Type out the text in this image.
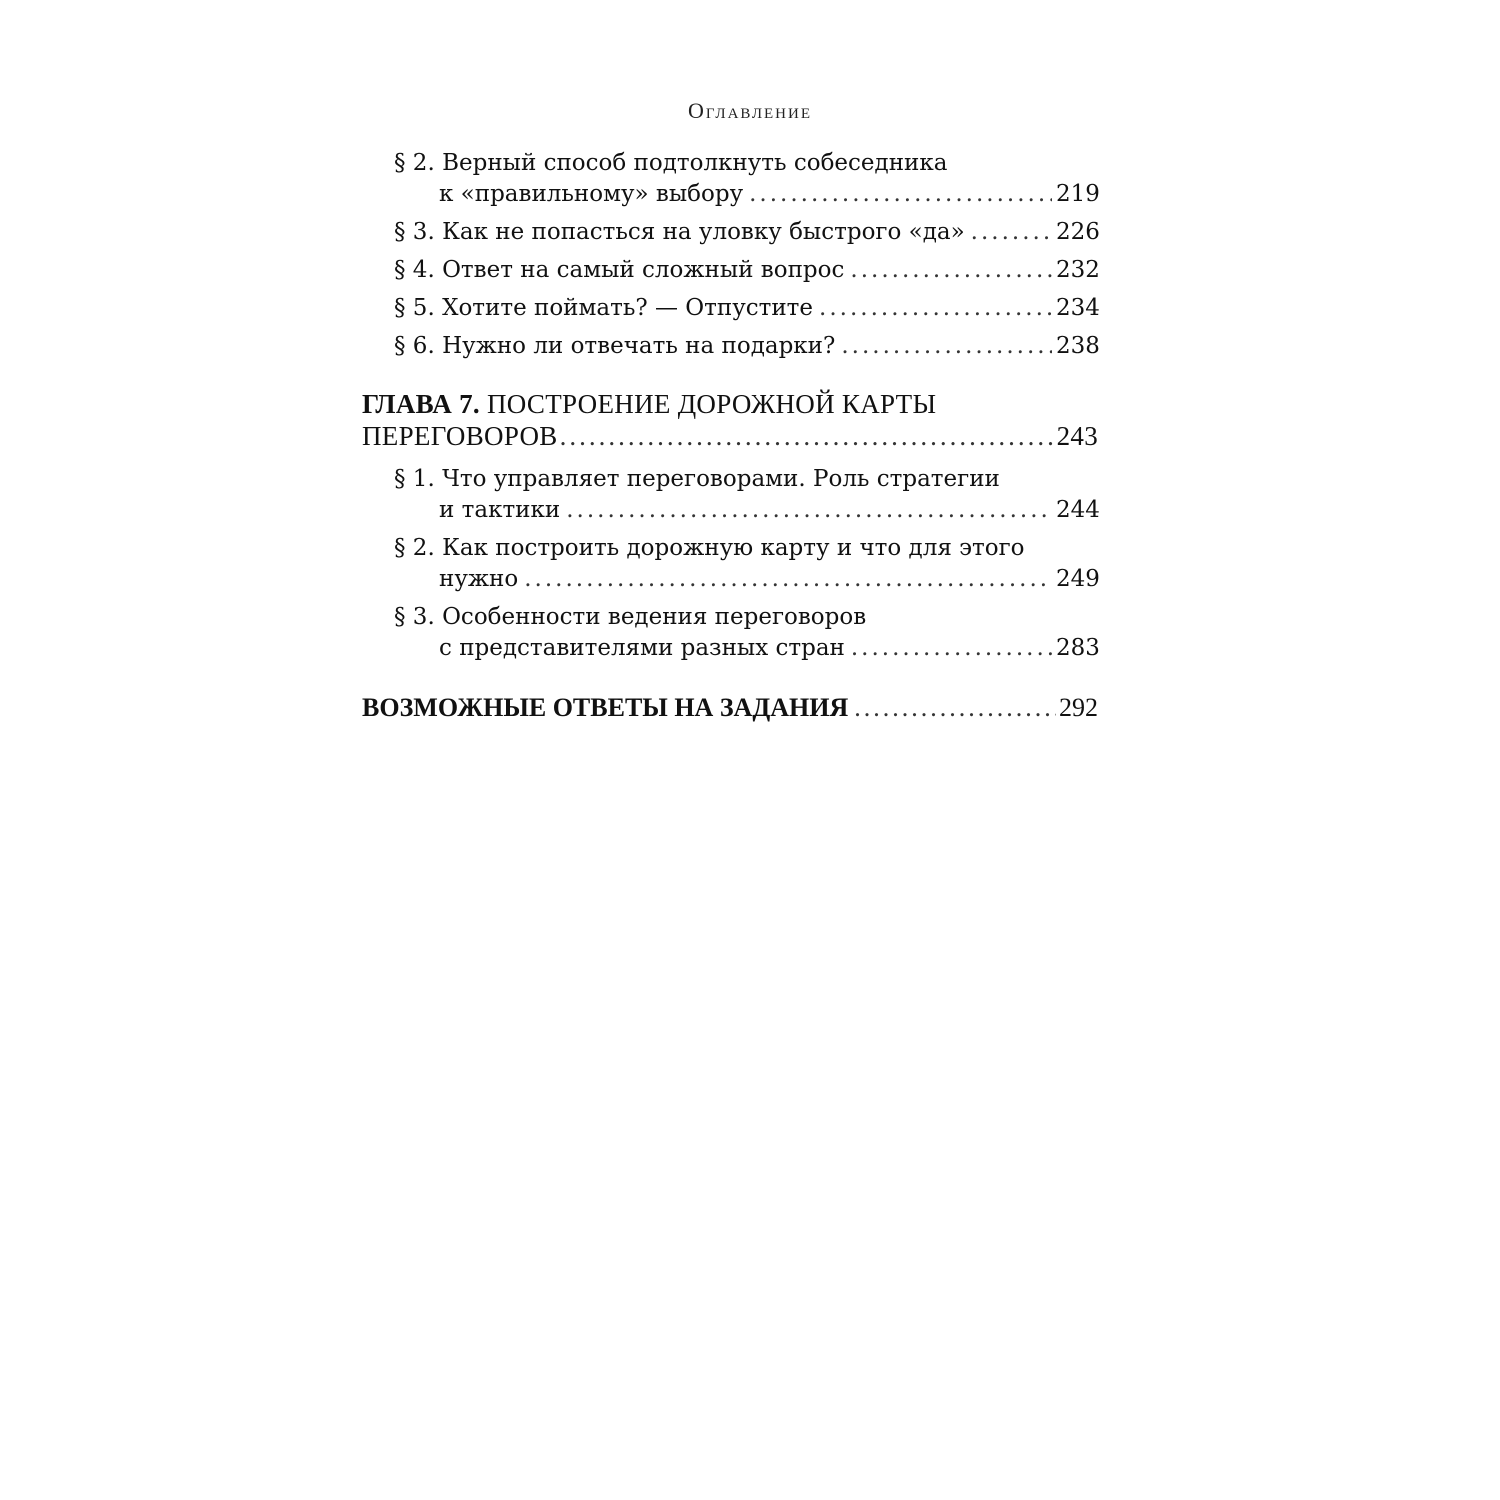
Оглавление
§ 2. Верный способ подтолкнуть собеседника
к «правильному» выбору .....	219
§ 3. Как не попасться на уловку быстрого «да» .....	226
§ 4. Ответ на самый сложный вопрос .....	232
§ 5. Хотите поймать? — Отпустите .....	234
§ 6. Нужно ли отвечать на подарки? .....	238
ГЛАВА 7. ПОСТРОЕНИЕ ДОРОЖНОЙ КАРТЫ
ПЕРЕГОВОРОВ .....	243
§ 1. Что управляет переговорами. Роль стратегии
и тактики .....	244
§ 2. Как построить дорожную карту и что для этого
нужно .....	249
§ 3. Особенности ведения переговоров
с представителями разных стран .....	283
ВОЗМОЖНЫЕ ОТВЕТЫ НА ЗАДАНИЯ .....	292
